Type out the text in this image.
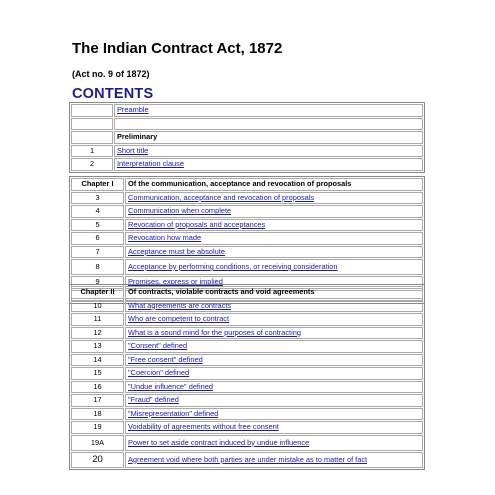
The Indian Contract Act, 1872
(Act no. 9 of 1872)
CONTENTS
	Preamble

	Preliminary
1	Short title
2	Interpretation clause
Chapter I	Of the communication, acceptance and revocation of proposals
3	Communication, acceptance and revocation of proposals
4	Communication when complete
5	Revocation of proposals and acceptances
6	Revocation how made
7	Acceptance must be absolute
8	Acceptance by performing conditions, or receiving consideration
9	Promises, express or implied

Chapter II	Of contracts, violable contracts and void agreements
10	What agreements are contracts
11	Who are competent to contract
12	What is a sound mind for the purposes of contracting
13	"Consent" defined
14	"Free consent" defined
15	"Coercion" defined
16	"Undue influence" defined
17	"Fraud" defined
18	"Misrepresentation" defined
19	Voidability of agreements without free consent
19A	Power to set aside contract induced by undue influence
20	Agreement void where both parties are under mistake as to matter of fact
